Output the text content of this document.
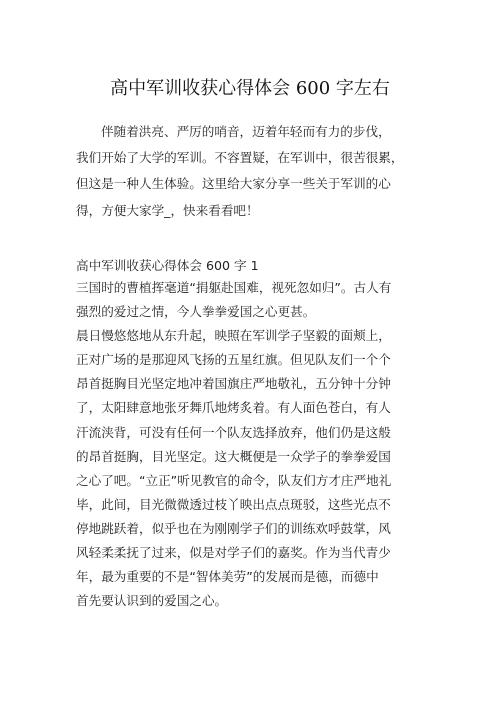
高中军训收获心得体会 600 字左右
伴随着洪亮、严厉的哨音，迈着年轻而有力的步伐，
我们开始了大学的军训。不容置疑，在军训中，很苦很累，
但这是一种人生体验。这里给大家分享一些关于军训的心
得，方便大家学_，快来看看吧！
高中军训收获心得体会 600 字 1
三国时的曹植挥毫道“捐躯赴国难，视死忽如归”。古人有
强烈的爱过之情，今人拳拳爱国之心更甚。
晨日慢悠悠地从东升起，映照在军训学子坚毅的面颊上，
正对广场的是那迎风飞扬的五星红旗。但见队友们一个个
昂首挺胸目光坚定地冲着国旗庄严地敬礼，五分钟十分钟
了，太阳肆意地张牙舞爪地烤炙着。有人面色苍白，有人
汗流浃背，可没有任何一个队友选择放弃，他们仍是这般
的昂首挺胸，目光坚定。这大概便是一众学子的拳拳爱国
之心了吧。“立正”听见教官的命令，队友们方才庄严地礼
毕，此间，目光微微透过枝丫映出点点斑驳，这些光点不
停地跳跃着，似乎也在为刚刚学子们的训练欢呼鼓掌，风
风轻柔柔抚了过来，似是对学子们的嘉奖。作为当代青少
年，最为重要的不是“智体美劳”的发展而是德，而德中
首先要认识到的爱国之心。
